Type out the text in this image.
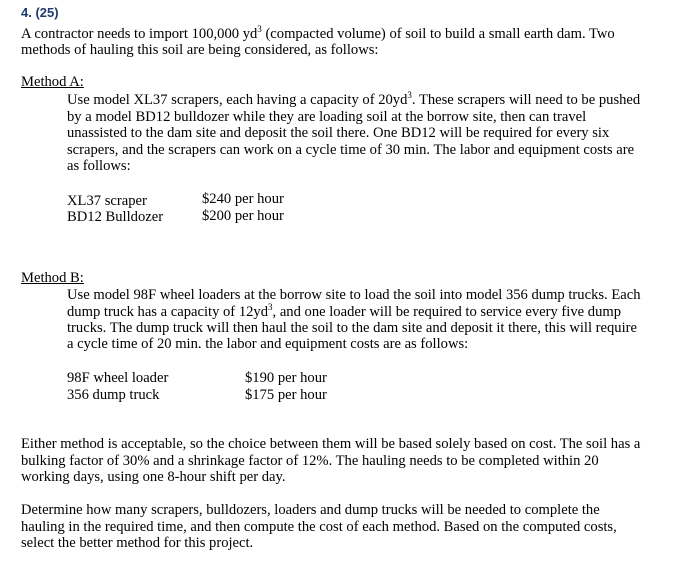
4. (25)
A contractor needs to import 100,000 $yd^3$ (compacted volume) of soil to build a small earth dam. Two
methods of hauling this soil are being considered, as follows:
Method A:
Use model XL37 scrapers, each having a capacity of $20yd^3$. These scrapers will need to be pushed
by a model BD12 bulldozer while they are loading soil at the borrow site, then can travel
unassisted to the dam site and deposit the soil there. One BD12 will be required for every six
scrapers, and the scrapers can work on a cycle time of 30 min. The labor and equipment costs are
as follows:
XL37 scraper	$240 per hour
BD12 Bulldozer	$200 per hour
Method B:
Use model 98F wheel loaders at the borrow site to load the soil into model 356 dump trucks. Each
dump truck has a capacity of $12yd^3$, and one loader will be required to service every five dump
trucks. The dump truck will then haul the soil to the dam site and deposit it there, this will require
a cycle time of 20 min. the labor and equipment costs are as follows:
98F wheel loader	$190 per hour
356 dump truck	$175 per hour
Either method is acceptable, so the choice between them will be based solely based on cost. The soil has a
bulking factor of 30% and a shrinkage factor of 12%. The hauling needs to be completed within 20
working days, using one 8-hour shift per day.
Determine how many scrapers, bulldozers, loaders and dump trucks will be needed to complete the
hauling in the required time, and then compute the cost of each method. Based on the computed costs,
select the better method for this project.
